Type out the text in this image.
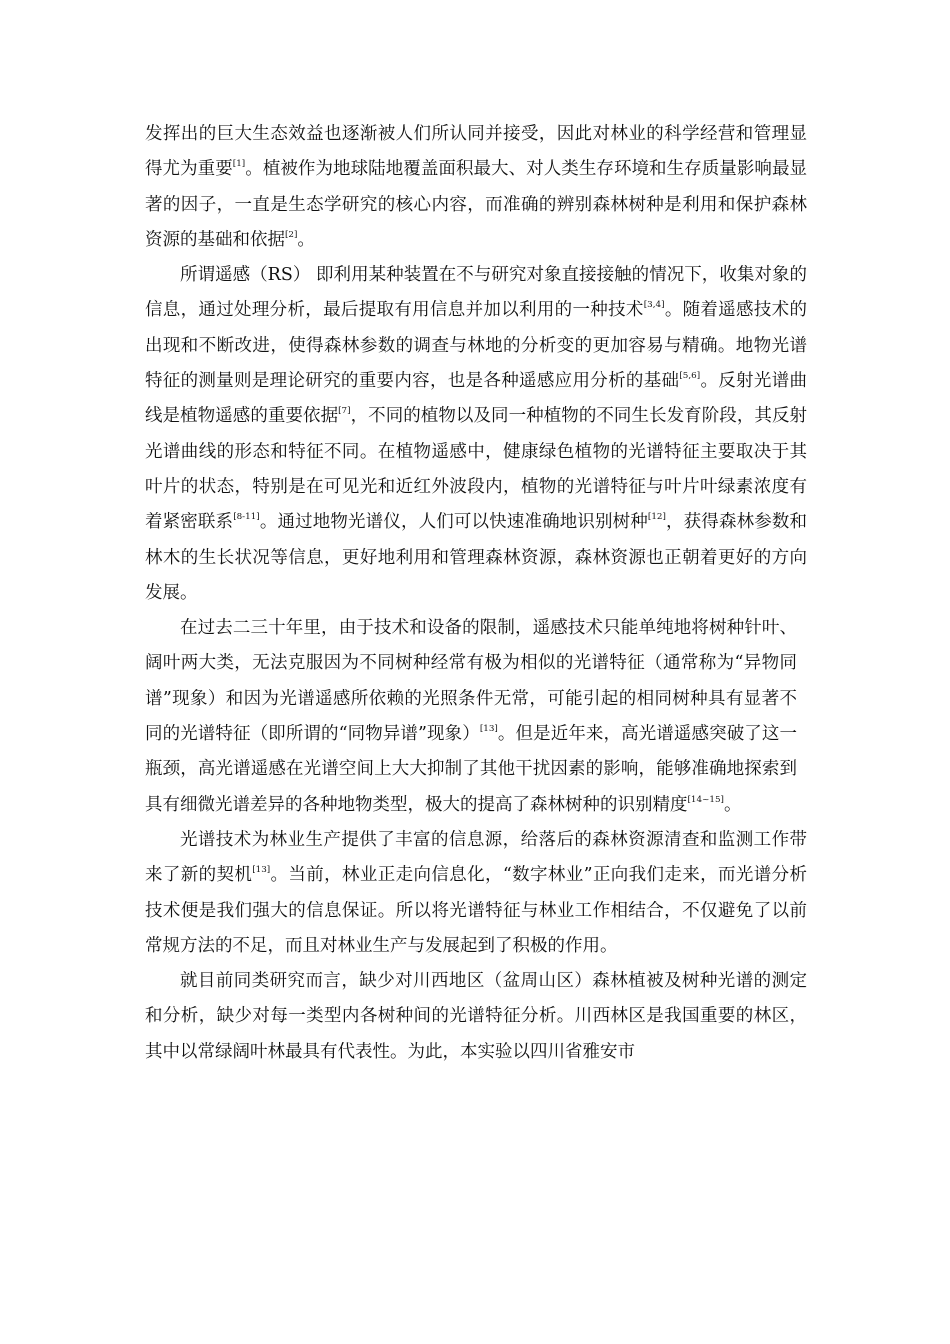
发挥出的巨大生态效益也逐渐被人们所认同并接受，因此对林业的科学经营和管理显得尤为重要[1]。植被作为地球陆地覆盖面积最大、对人类生存环境和生存质量影响最显著的因子，一直是生态学研究的核心内容，而准确的辨别森林树种是利用和保护森林资源的基础和依据[2]。

所谓遥感（RS） 即利用某种装置在不与研究对象直接接触的情况下，收集对象的信息，通过处理分析，最后提取有用信息并加以利用的一种技术[3,4]。随着遥感技术的出现和不断改进，使得森林参数的调查与林地的分析变的更加容易与精确。地物光谱特征的测量则是理论研究的重要内容，也是各种遥感应用分析的基础[5,6]。反射光谱曲线是植物遥感的重要依据[7]，不同的植物以及同一种植物的不同生长发育阶段，其反射光谱曲线的形态和特征不同。在植物遥感中，健康绿色植物的光谱特征主要取决于其叶片的状态，特别是在可见光和近红外波段内，植物的光谱特征与叶片叶绿素浓度有着紧密联系[8-11]。通过地物光谱仪，人们可以快速准确地识别树种[12]，获得森林参数和林木的生长状况等信息，更好地利用和管理森林资源，森林资源也正朝着更好的方向发展。

在过去二三十年里，由于技术和设备的限制，遥感技术只能单纯地将树种针叶、阔叶两大类，无法克服因为不同树种经常有极为相似的光谱特征（通常称为“异物同谱”现象）和因为光谱遥感所依赖的光照条件无常，可能引起的相同树种具有显著不同的光谱特征（即所谓的“同物异谱”现象）[13]。但是近年来，高光谱遥感突破了这一瓶颈，高光谱遥感在光谱空间上大大抑制了其他干扰因素的影响，能够准确地探索到具有细微光谱差异的各种地物类型，极大的提高了森林树种的识别精度[14~15]。

光谱技术为林业生产提供了丰富的信息源，给落后的森林资源清查和监测工作带来了新的契机[13]。当前，林业正走向信息化，“数字林业”正向我们走来，而光谱分析技术便是我们强大的信息保证。所以将光谱特征与林业工作相结合，不仅避免了以前常规方法的不足，而且对林业生产与发展起到了积极的作用。

就目前同类研究而言，缺少对川西地区（盆周山区）森林植被及树种光谱的测定和分析，缺少对每一类型内各树种间的光谱特征分析。川西林区是我国重要的林区，其中以常绿阔叶林最具有代表性。为此，本实验以四川省雅安市
